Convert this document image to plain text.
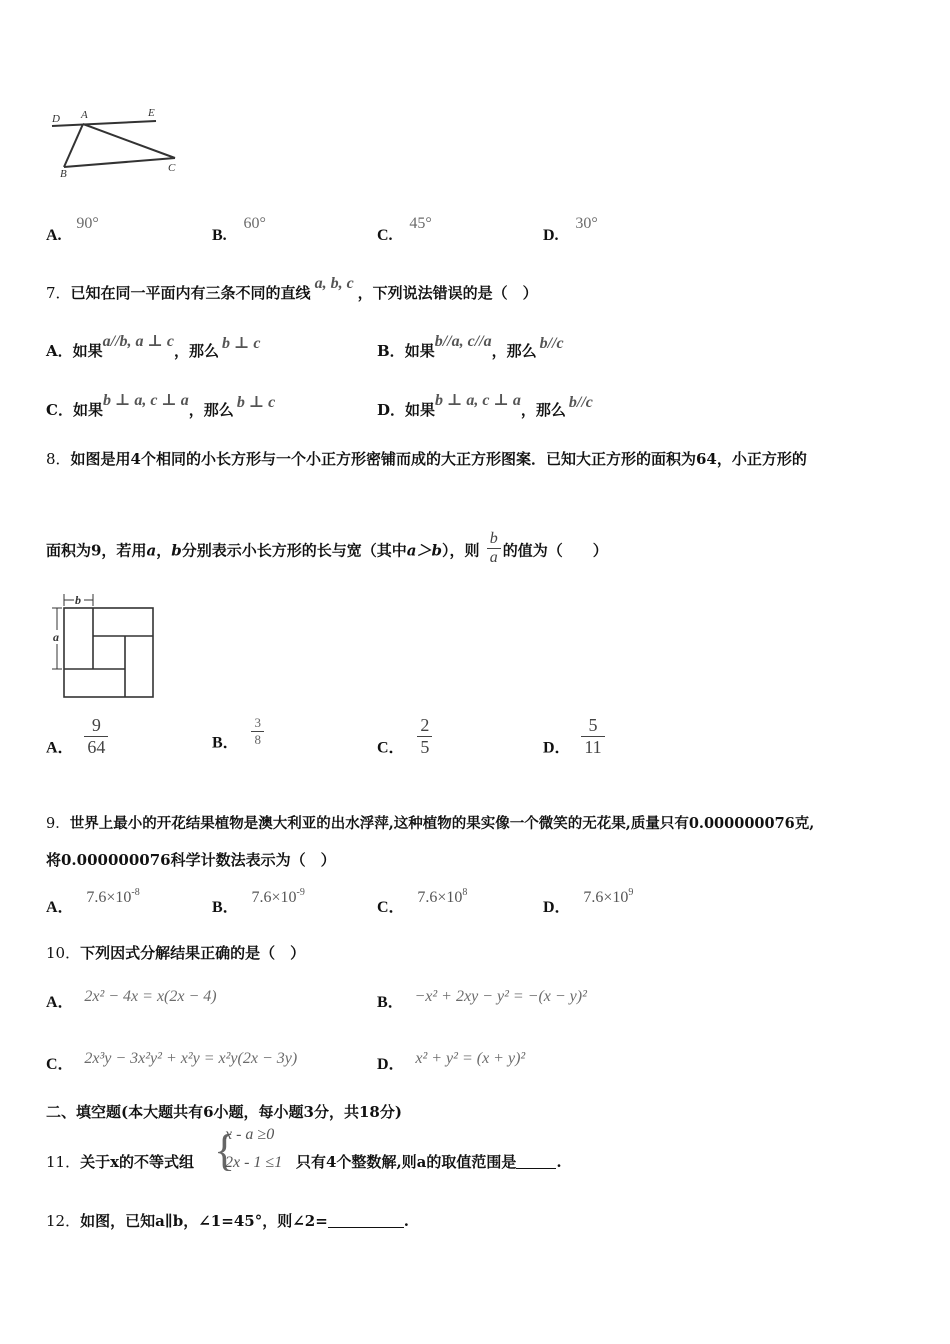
D A	E
B	C
A. 90°
B. 60°
C. 45°
D. 30°
7．已知在同一平面内有三条不同的直线a, b, c，下列说法错误的是（　）
A．如果a//b, a ⊥ c，那么 b ⊥ c	B．如果b//a, c//a，那么 b//c
C．如果b ⊥ a, c ⊥ a，那么 b ⊥ c	D．如果b ⊥ a, c ⊥ a，那么 b//c
8．如图是用4个相同的小长方形与一个小正方形密铺而成的大正方形图案．已知大正方形的面积为64，小正方形的
面积为9，若用a，b分别表示小长方形的长与宽（其中a＞b），则 $\frac{b}{a}$ 的值为（　　）
b
a
A． $\frac{9}{64}$	B． $\frac{3}{8}$	C． $\frac{2}{5}$	D． $\frac{5}{11}$
9．世界上最小的开花结果植物是澳大利亚的出水浮萍,这种植物的果实像一个微笑的无花果,质量只有0.000000076克,
将0.000000076科学计数法表示为（　）
A． $7.6\times 10^{-8}$
B． $7.6\times 10^{-9}$
C． $7.6\times 10^8$
D． $7.6\times 10^9$
10．下列因式分解结果正确的是（　）
A． 2x² − 4x = x(2x − 4)	B． −x² + 2xy − y² = −(x − y)²
C． 2x³y − 3x²y² + x²y = x²y(2x − 3y)	D． x² + y² = (x + y)²
二、填空题(本大题共有6小题，每小题3分，共18分)
11．关于x的不等式组 {
x - a ≥0
2x - 1 ≤1 只有4个整数解,则a的取值范围是	.
12．如图，已知a∥b，∠1=45°，则∠2=	.
